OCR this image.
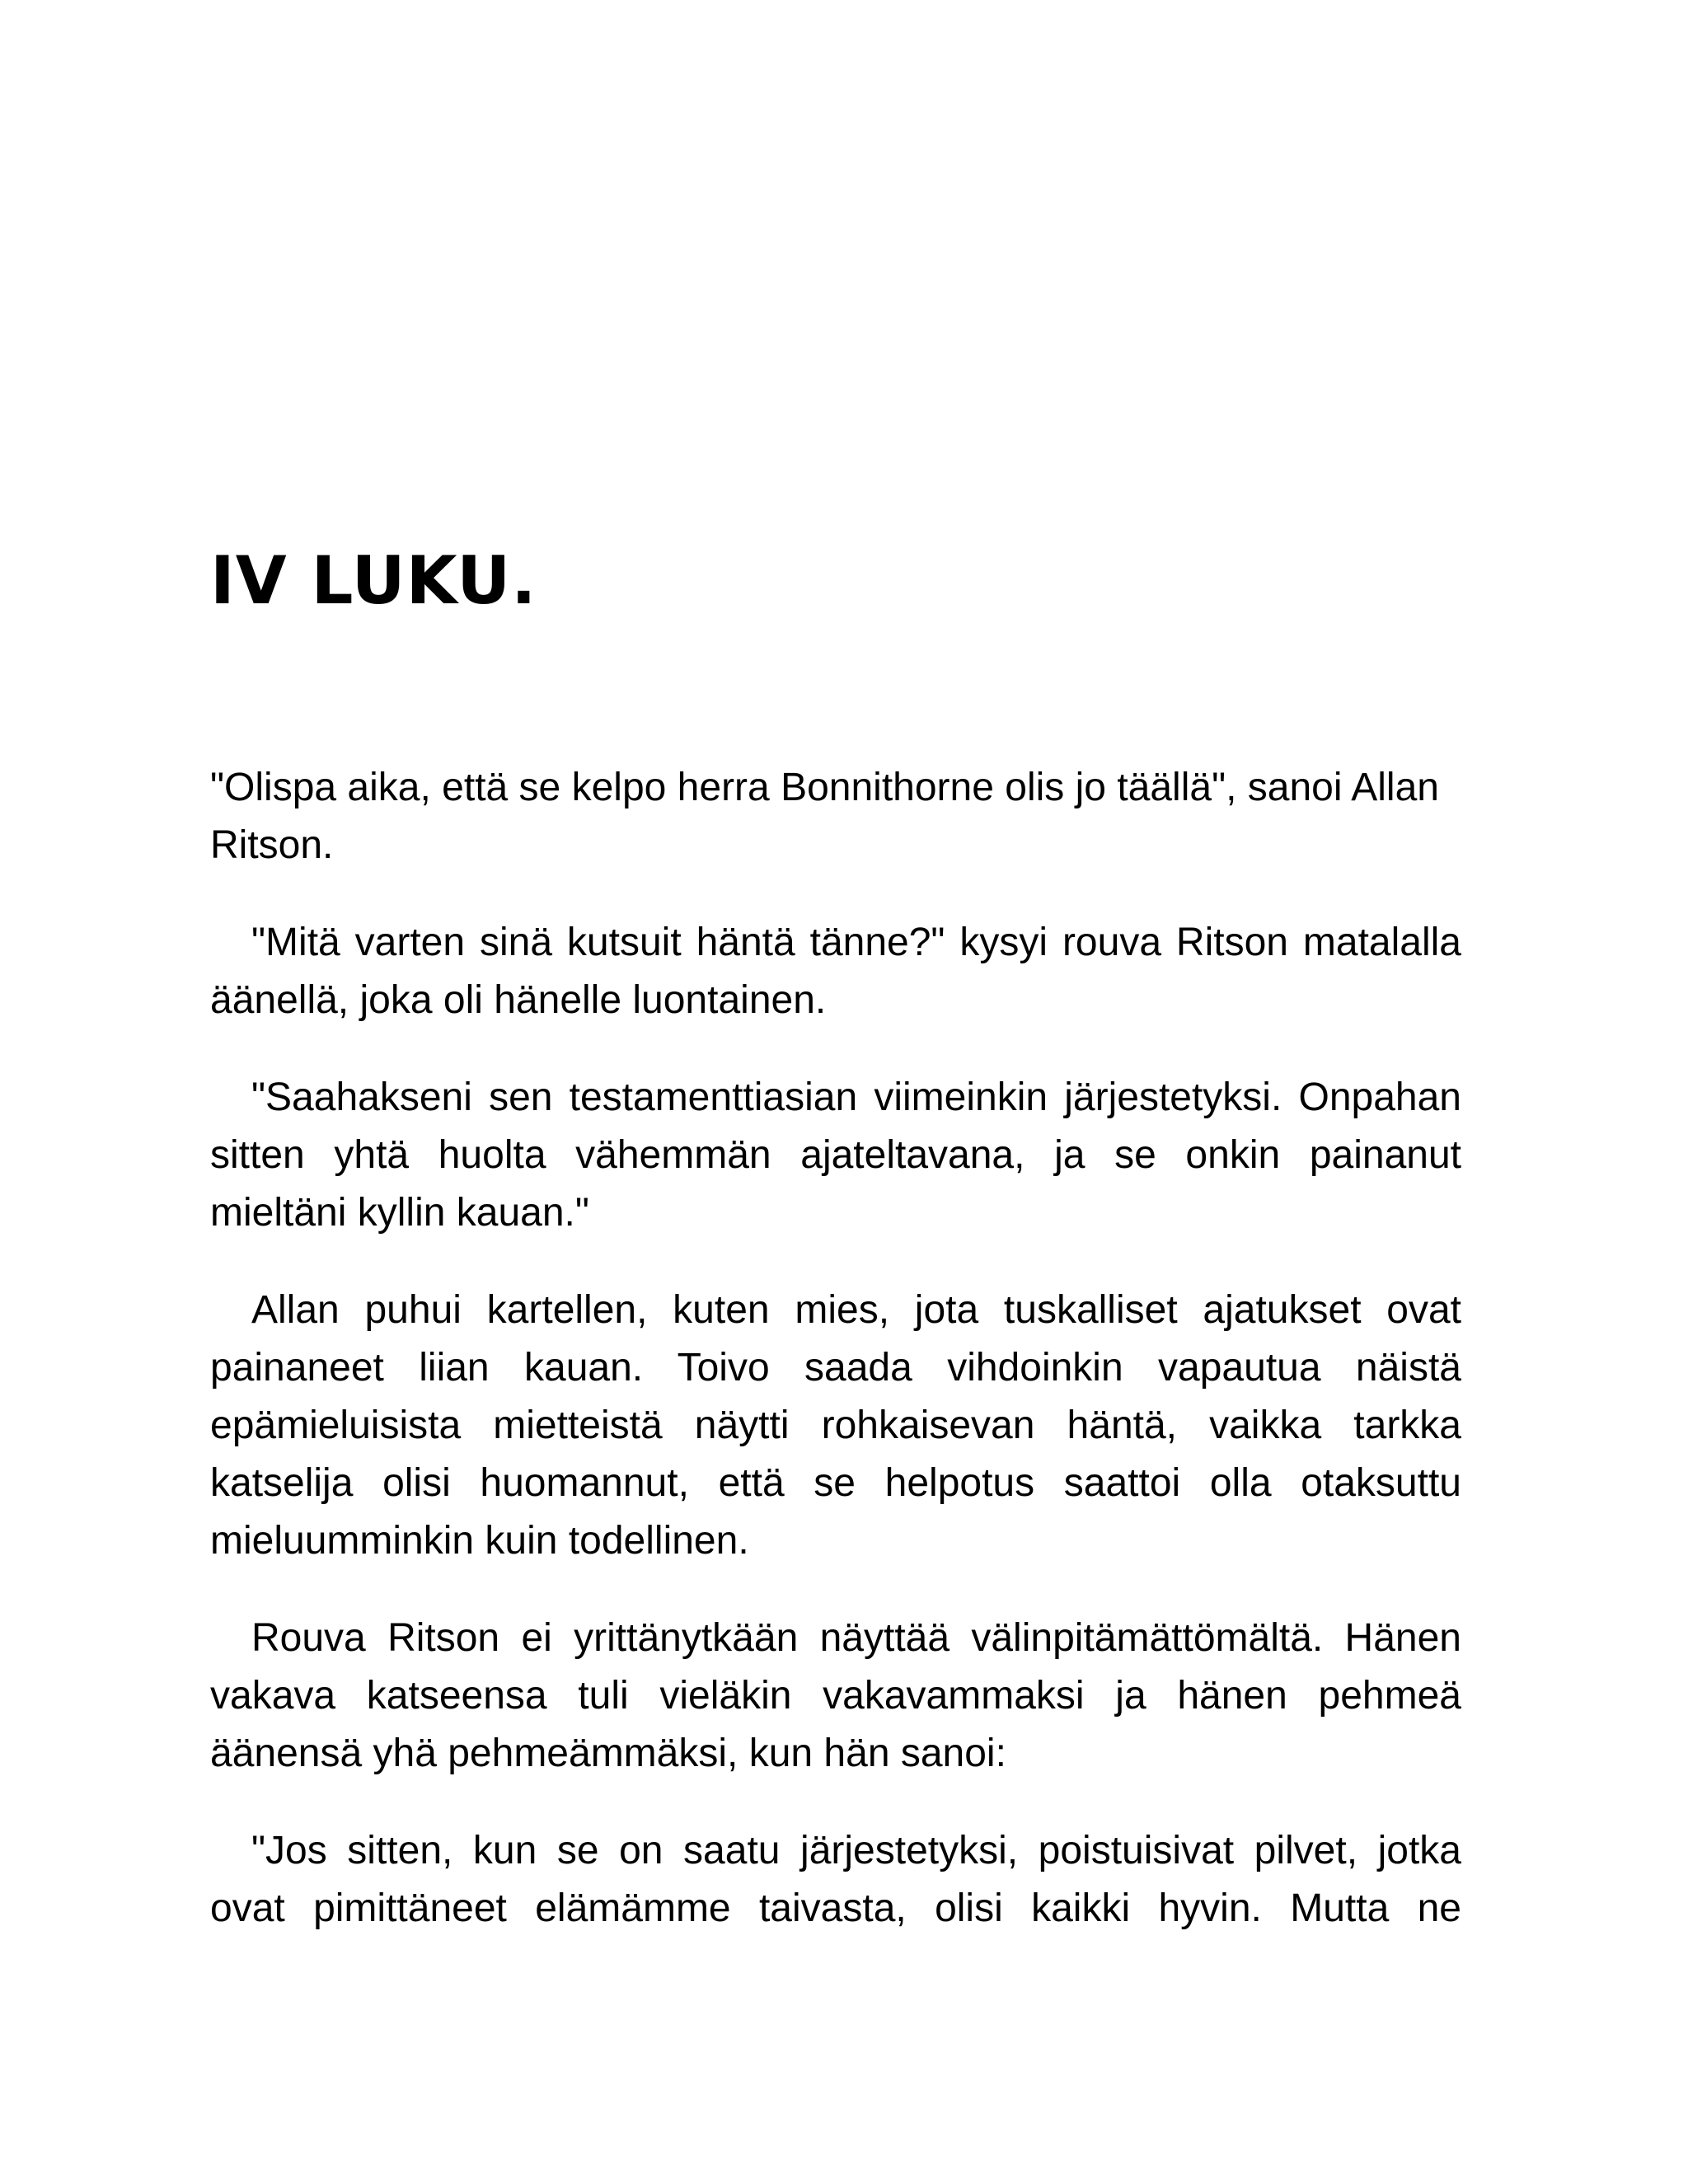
IV LUKU.

"Olispa aika, että se kelpo herra Bonnithorne olis jo täällä", sanoi Allan Ritson.

"Mitä varten sinä kutsuit häntä tänne?" kysyi rouva Ritson matalalla äänellä, joka oli hänelle luontainen.

"Saahakseni sen testamenttiasian viimeinkin järjestetyksi. Onpahan sitten yhtä huolta vähemmän ajateltavana, ja se onkin painanut mieltäni kyllin kauan."

Allan puhui kartellen, kuten mies, jota tuskalliset ajatukset ovat painaneet liian kauan. Toivo saada vihdoinkin vapautua näistä epämieluisista mietteistä näytti rohkaisevan häntä, vaikka tarkka katselija olisi huomannut, että se helpotus saattoi olla otaksuttu mieluumminkin kuin todellinen.

Rouva Ritson ei yrittänytkään näyttää välinpitämättömältä. Hänen vakava katseensa tuli vieläkin vakavammaksi ja hänen pehmeä äänensä yhä pehmeämmäksi, kun hän sanoi:

"Jos sitten, kun se on saatu järjestetyksi, poistuisivat pilvet, jotka ovat pimittäneet elämämme taivasta, olisi kaikki hyvin. Mutta ne
